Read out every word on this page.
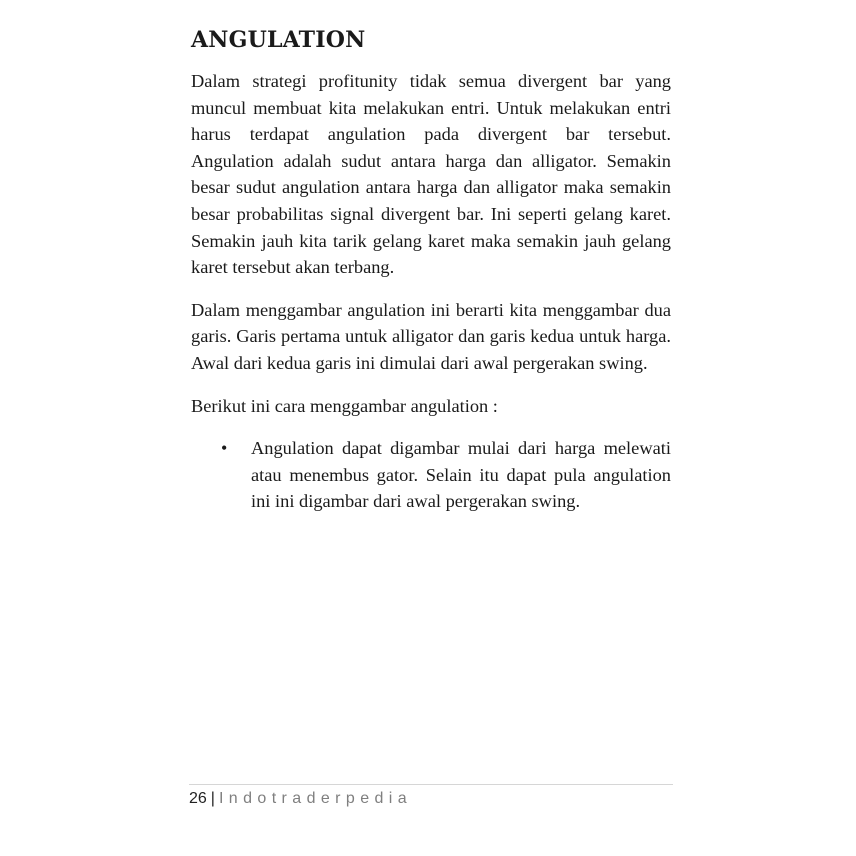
ANGULATION

Dalam strategi profitunity tidak semua divergent bar yang muncul membuat kita melakukan entri. Untuk melakukan entri harus terdapat angulation pada divergent bar tersebut. Angulation adalah sudut antara harga dan alligator. Semakin besar sudut angulation antara harga dan alligator maka semakin besar probabilitas signal divergent bar. Ini seperti gelang karet. Semakin jauh kita tarik gelang karet maka semakin jauh gelang karet tersebut akan terbang.

Dalam menggambar angulation ini berarti kita menggambar dua garis. Garis pertama untuk alligator dan garis kedua untuk harga. Awal dari kedua garis ini dimulai dari awal pergerakan swing.

Berikut ini cara menggambar angulation :

• Angulation dapat digambar mulai dari harga melewati atau menembus gator. Selain itu dapat pula angulation ini ini digambar dari awal pergerakan swing.
26 | Indotraderpedia
